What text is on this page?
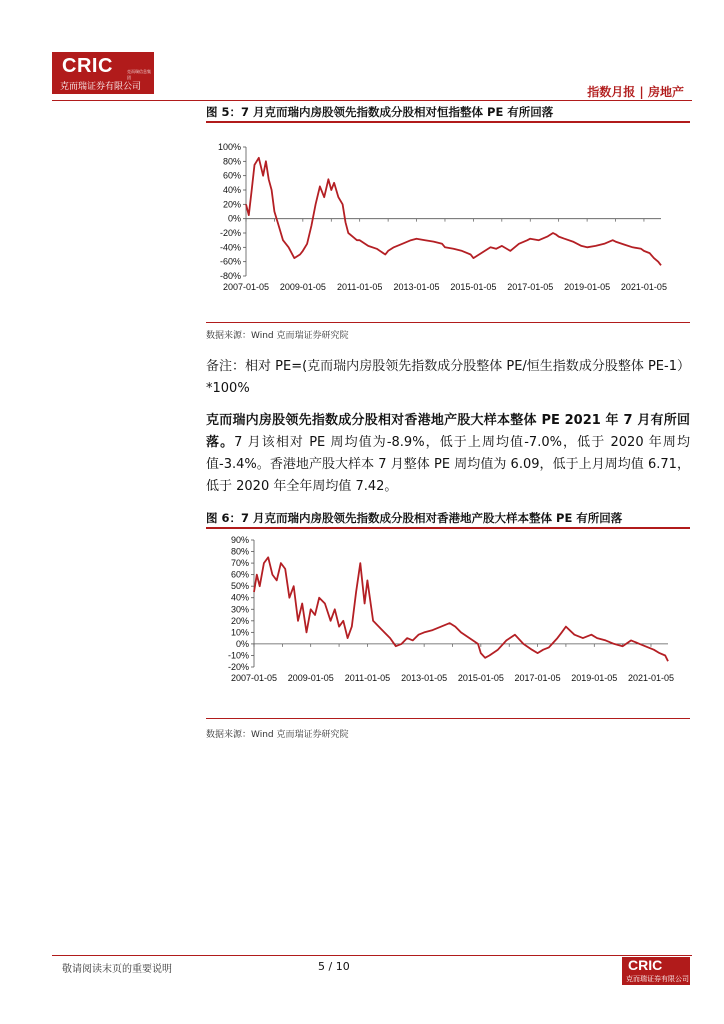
CRIC	克而瑞信息集团
克而瑞证券有限公司	指数月报 | 房地产
图 5：7 月克而瑞内房股领先指数成分股相对恒指整体 PE 有所回落
100%
80%
60%
40%
20%
0%
-20%
-40%
-60%
-80%
2007-01-05 2009-01-05 2011-01-05 2013-01-05 2015-01-05 2017-01-05 2019-01-05 2021-01-05
数据来源：Wind 克而瑞证券研究院
备注：相对 PE=(克而瑞内房股领先指数成分股整体 PE/恒生指数成分股整体 PE-1）*100%
克而瑞内房股领先指数成分股相对香港地产股大样本整体 PE 2021 年 7 月有所回落。7 月该相对 PE 周均值为-8.9%，低于上周均值-7.0%，低于 2020 年周均值-3.4%。香港地产股大样本 7 月整体 PE 周均值为 6.09，低于上月周均值 6.71，低于 2020 年全年周均值 7.42。
图 6：7 月克而瑞内房股领先指数成分股相对香港地产股大样本整体 PE 有所回落
90%
80%
70%
60%
50%
40%
30%
20%
10%
0%
-10%
-20%
2007-01-05 2009-01-05 2011-01-05 2013-01-05 2015-01-05 2017-01-05 2019-01-05 2021-01-05
数据来源：Wind 克而瑞证券研究院
敬请阅读末页的重要说明	5 / 10	CRIC
克而瑞证券有限公司
